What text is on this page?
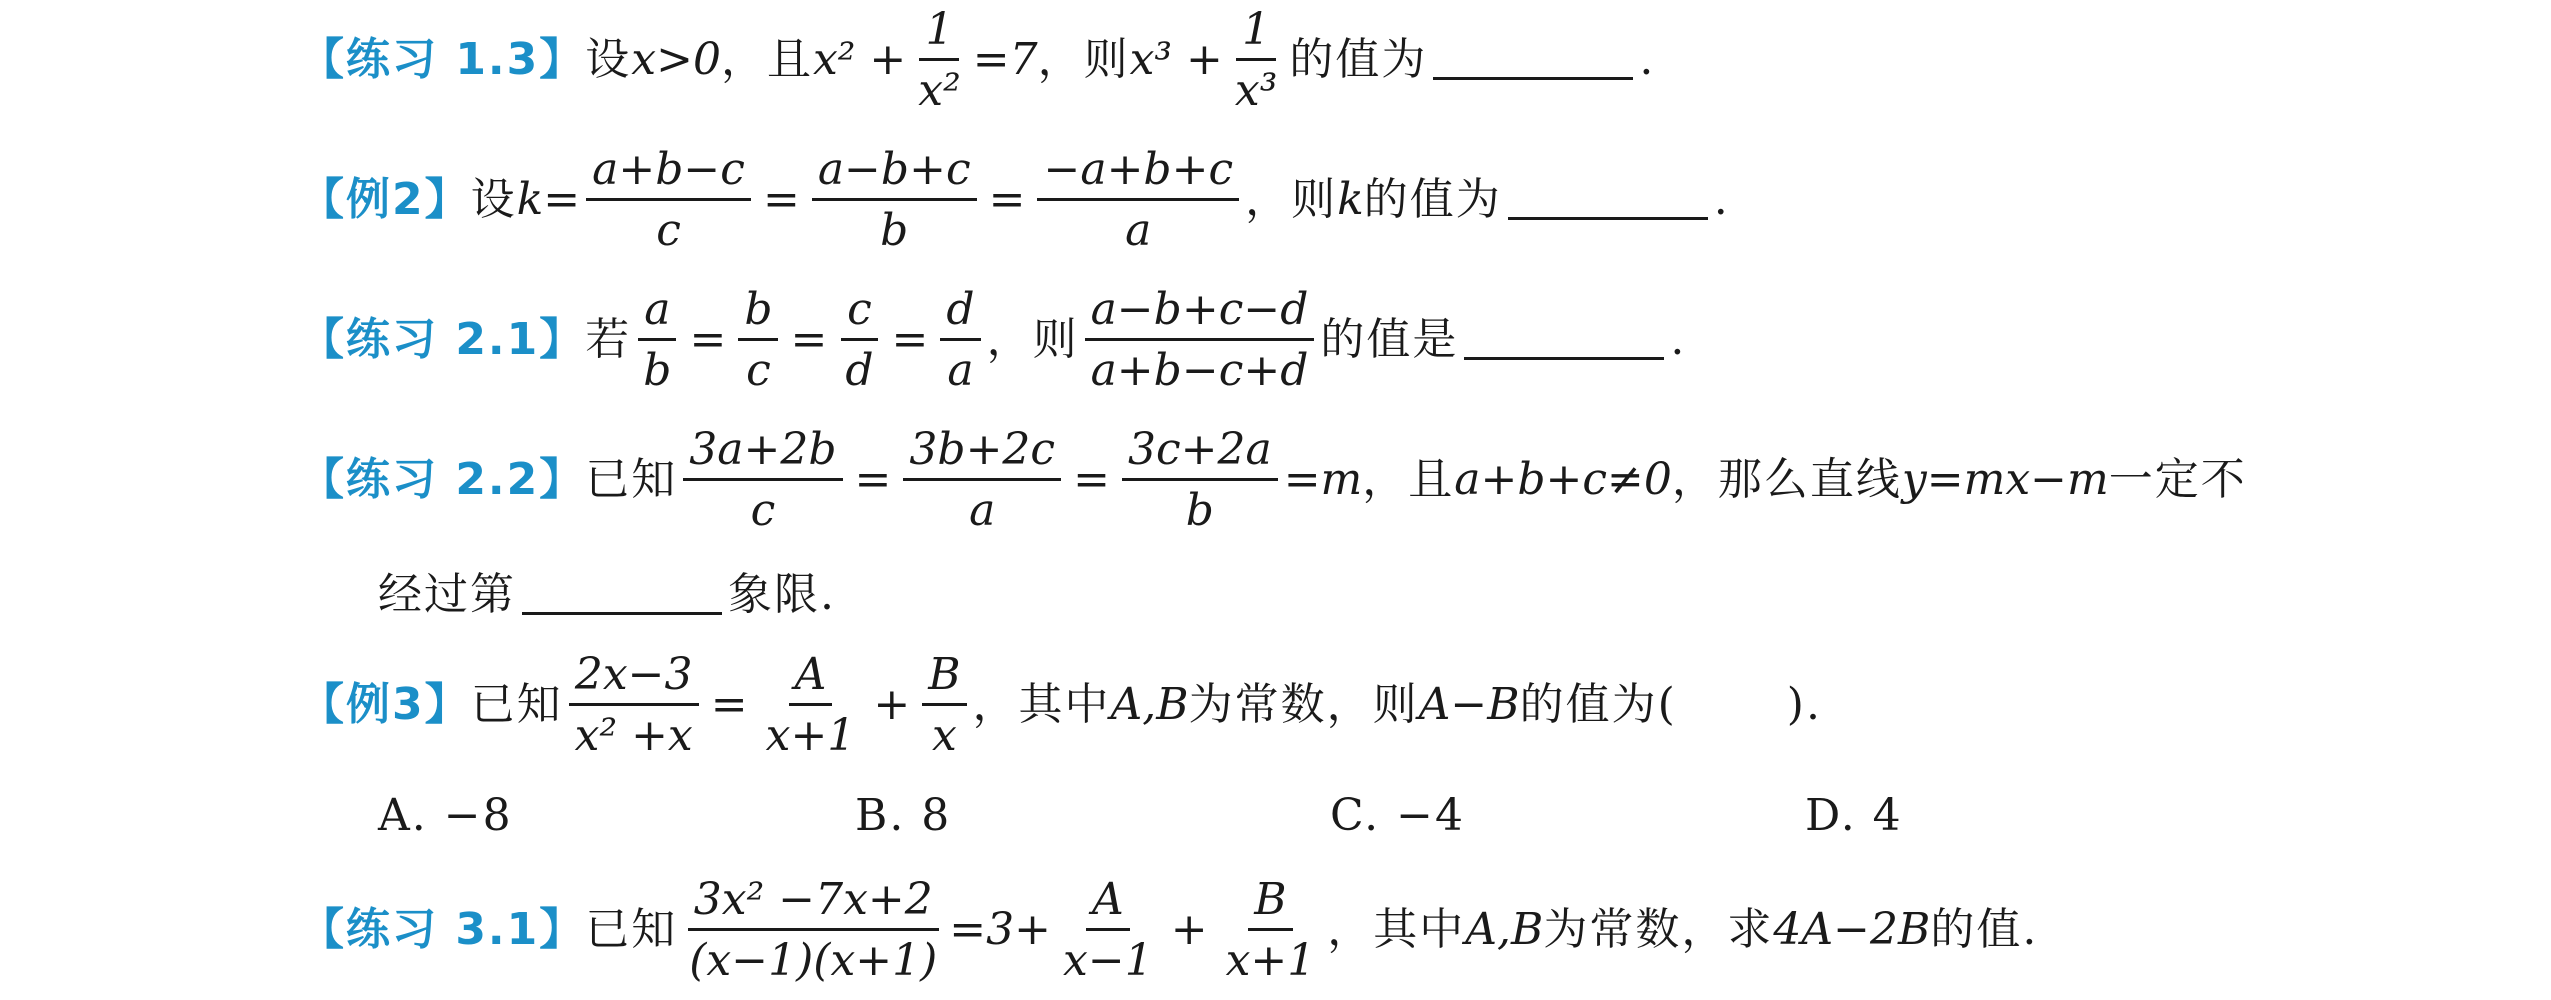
【练习 1.3】 设 x>0 ，且 $x^2 + \frac{1}{\text{x²}} =7$ ，则 $x^3 + \frac{1}{\text{x³}}$ 的值为	.
【例2】 设 $k= \frac{a+b-c}{c} = \frac{a-b+c}{b} = \frac{-a+b+c}{a}$ ，则 k 的值为	.
【练习 2.1】 若 $\frac{a}{b} = \frac{b}{c} = \frac{c}{d} = \frac{d}{a}$ ，则 $\frac{a-b+c-d}{a+b-c+d}$ 的值是	.
【练习 2.2】 已知 $\frac{3a+2b}{c} = \frac{3b+2c}{a} = \frac{3c+2a}{b} =m$ ，且 a+b+c≠0 ，那么直线 y=mx−m 一定不
经过第	象限.
【例3】 已知 $\frac{2x-3}{\text{x² +x}} = \frac{A}{x+1} + \frac{B}{x}$ ，其中 A,B 为常数，则 A−B 的值为(	).
A. −8	B. 8	C. −4	D. 4
【练习 3.1】 已知 $\frac{\text{3x² −7x+2}}{(x-1)(x+1)} =3+ \frac{A}{x-1} + \frac{B}{x+1}$ ，其中 A,B 为常数，求 4A−2B 的值.
